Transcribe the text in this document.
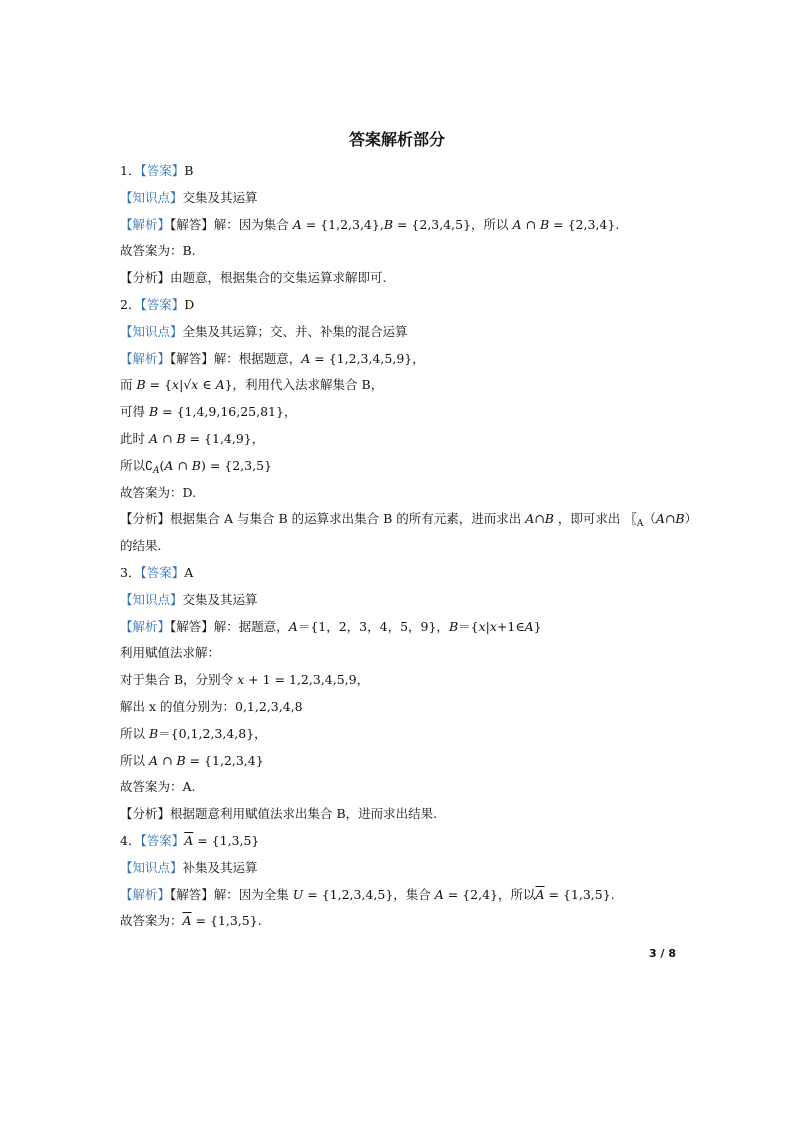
答案解析部分
1．【答案】B
【知识点】交集及其运算
【解析】【解答】解：因为集合 A = {1,2,3,4},B = {2,3,4,5}，所以 A ∩ B = {2,3,4}.
故答案为：B.
【分析】由题意，根据集合的交集运算求解即可.
2．【答案】D
【知识点】全集及其运算；交、并、补集的混合运算
【解析】【解答】解：根据题意，A = {1,2,3,4,5,9}，
而 B = {x|√x ∈ A}，利用代入法求解集合 B，
可得 B = {1,4,9,16,25,81}，
此时 A ∩ B = {1,4,9}，
所以$∁_A(A$ ∩ B) = {2,3,5}
故答案为：D.
【分析】根据集合 A 与集合 B 的运算求出集合 B 的所有元素，进而求出 A∩B ，即可求出 〖$_A$（A∩B）
的结果.
3．【答案】A
【知识点】交集及其运算
【解析】【解答】解：据题意，A＝{1，2，3，4，5，9}，B＝{x|x+1∈A}
利用赋值法求解：
对于集合 B，分别令 x + 1 = 1,2,3,4,5,9，
解出 x 的值分别为：0,1,2,3,4,8
所以 B＝{0,1,2,3,4,8}，
所以 A ∩ B = {1,2,3,4}
故答案为：A.
【分析】根据题意利用赋值法求出集合 B，进而求出结果.
4．【答案】$\overline{A} = \{1,3,5\}$
【知识点】补集及其运算
【解析】【解答】解：因为全集 U = {1,2,3,4,5}，集合 A = {2,4}，所以$\overline{A} = \{1,3,5\}$.
故答案为：$\overline{A} = \{1,3,5\}$.
3 / 8
